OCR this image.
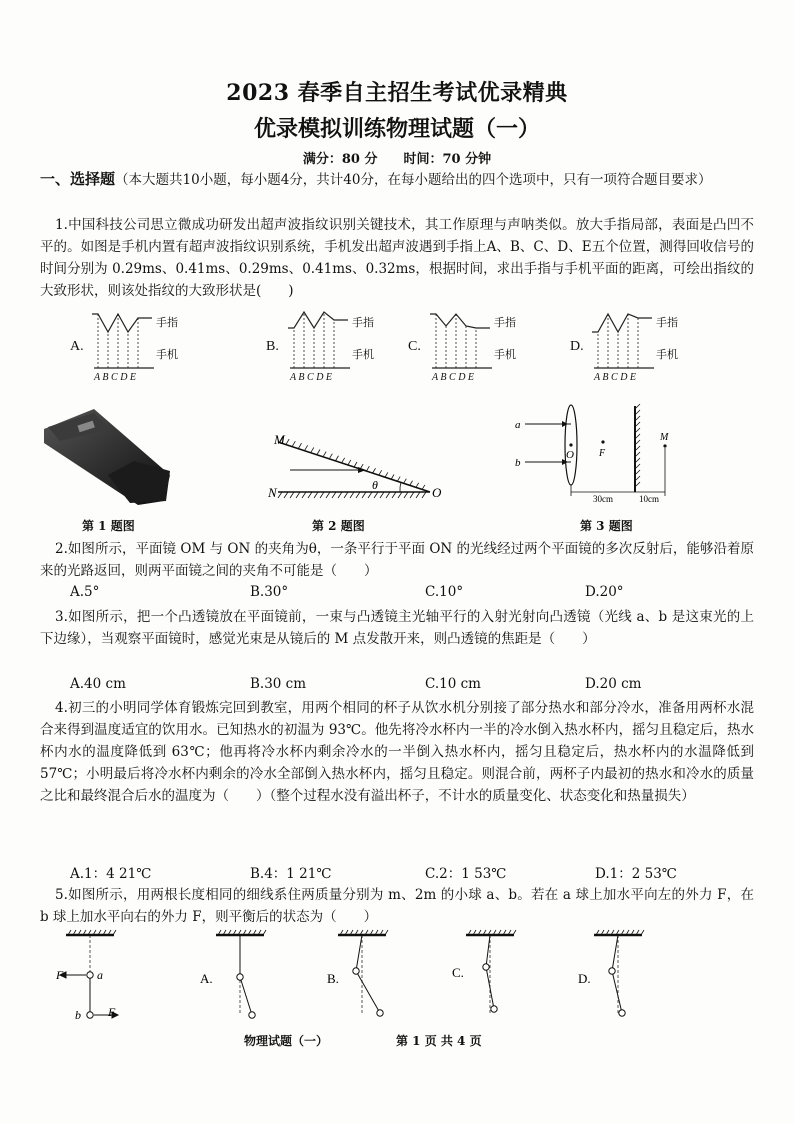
2023 春季自主招生考试优录精典
优录模拟训练物理试题（一）
满分：80 分　　时间：70 分钟
一、选择题（本大题共10小题，每小题4分，共计40分，在每小题给出的四个选项中，只有一项符合题目要求）
1.中国科技公司思立微成功研发出超声波指纹识别关键技术，其工作原理与声呐类似。放大手指局部，表面是凸凹不平的。如图是手机内置有超声波指纹识别系统，手机发出超声波遇到手指上A、B、C、D、E五个位置，测得回收信号的时间分别为 0.29ms、0.41ms、0.29ms、0.41ms、0.32ms，根据时间，求出手指与手机平面的距离，可绘出指纹的大致形状，则该处指纹的大致形状是(　　)
A.
手指
手机
A B C D E
B.
手指
手机
A B C D E
C.
手指
手机
A B C D E
D.
手指
手机
A B C D E
M
N	O
θ
a
b
O	F
M
30cm	10cm
第 1 题图	第 2 题图	第 3 题图
2.如图所示，平面镜 OM 与 ON 的夹角为θ，一条平行于平面 ON 的光线经过两个平面镜的多次反射后，能够沿着原来的光路返回，则两平面镜之间的夹角不可能是（　　）
A.5°	B.30°	C.10°	D.20°
3.如图所示，把一个凸透镜放在平面镜前，一束与凸透镜主光轴平行的入射光射向凸透镜（光线 a、b 是这束光的上下边缘），当观察平面镜时，感觉光束是从镜后的 M 点发散开来，则凸透镜的焦距是（　　）
A.40 cm	B.30 cm	C.10 cm	D.20 cm
4.初三的小明同学体育锻炼完回到教室，用两个相同的杯子从饮水机分别接了部分热水和部分冷水，准备用两杯水混合来得到温度适宜的饮用水。已知热水的初温为 93℃。他先将冷水杯内一半的冷水倒入热水杯内，摇匀且稳定后，热水杯内水的温度降低到 63℃；他再将冷水杯内剩余冷水的一半倒入热水杯内，摇匀且稳定后，热水杯内的水温降低到 57℃；小明最后将冷水杯内剩余的冷水全部倒入热水杯内，摇匀且稳定。则混合前，两杯子内最初的热水和冷水的质量之比和最终混合后水的温度为（　　）（整个过程水没有溢出杯子，不计水的质量变化、状态变化和热量损失）
A.1：4 21℃	B.4：1 21℃	C.2：1 53℃	D.1：2 53℃
5.如图所示，用两根长度相同的细线系住两质量分别为 m、2m 的小球 a、b。若在 a 球上加水平向左的外力 F，在 b 球上加水平向右的外力 F，则平衡后的状态为（　　）
F	a
b F
A.	B.	C.	D.
物理试题（一）	第 1 页 共 4 页
